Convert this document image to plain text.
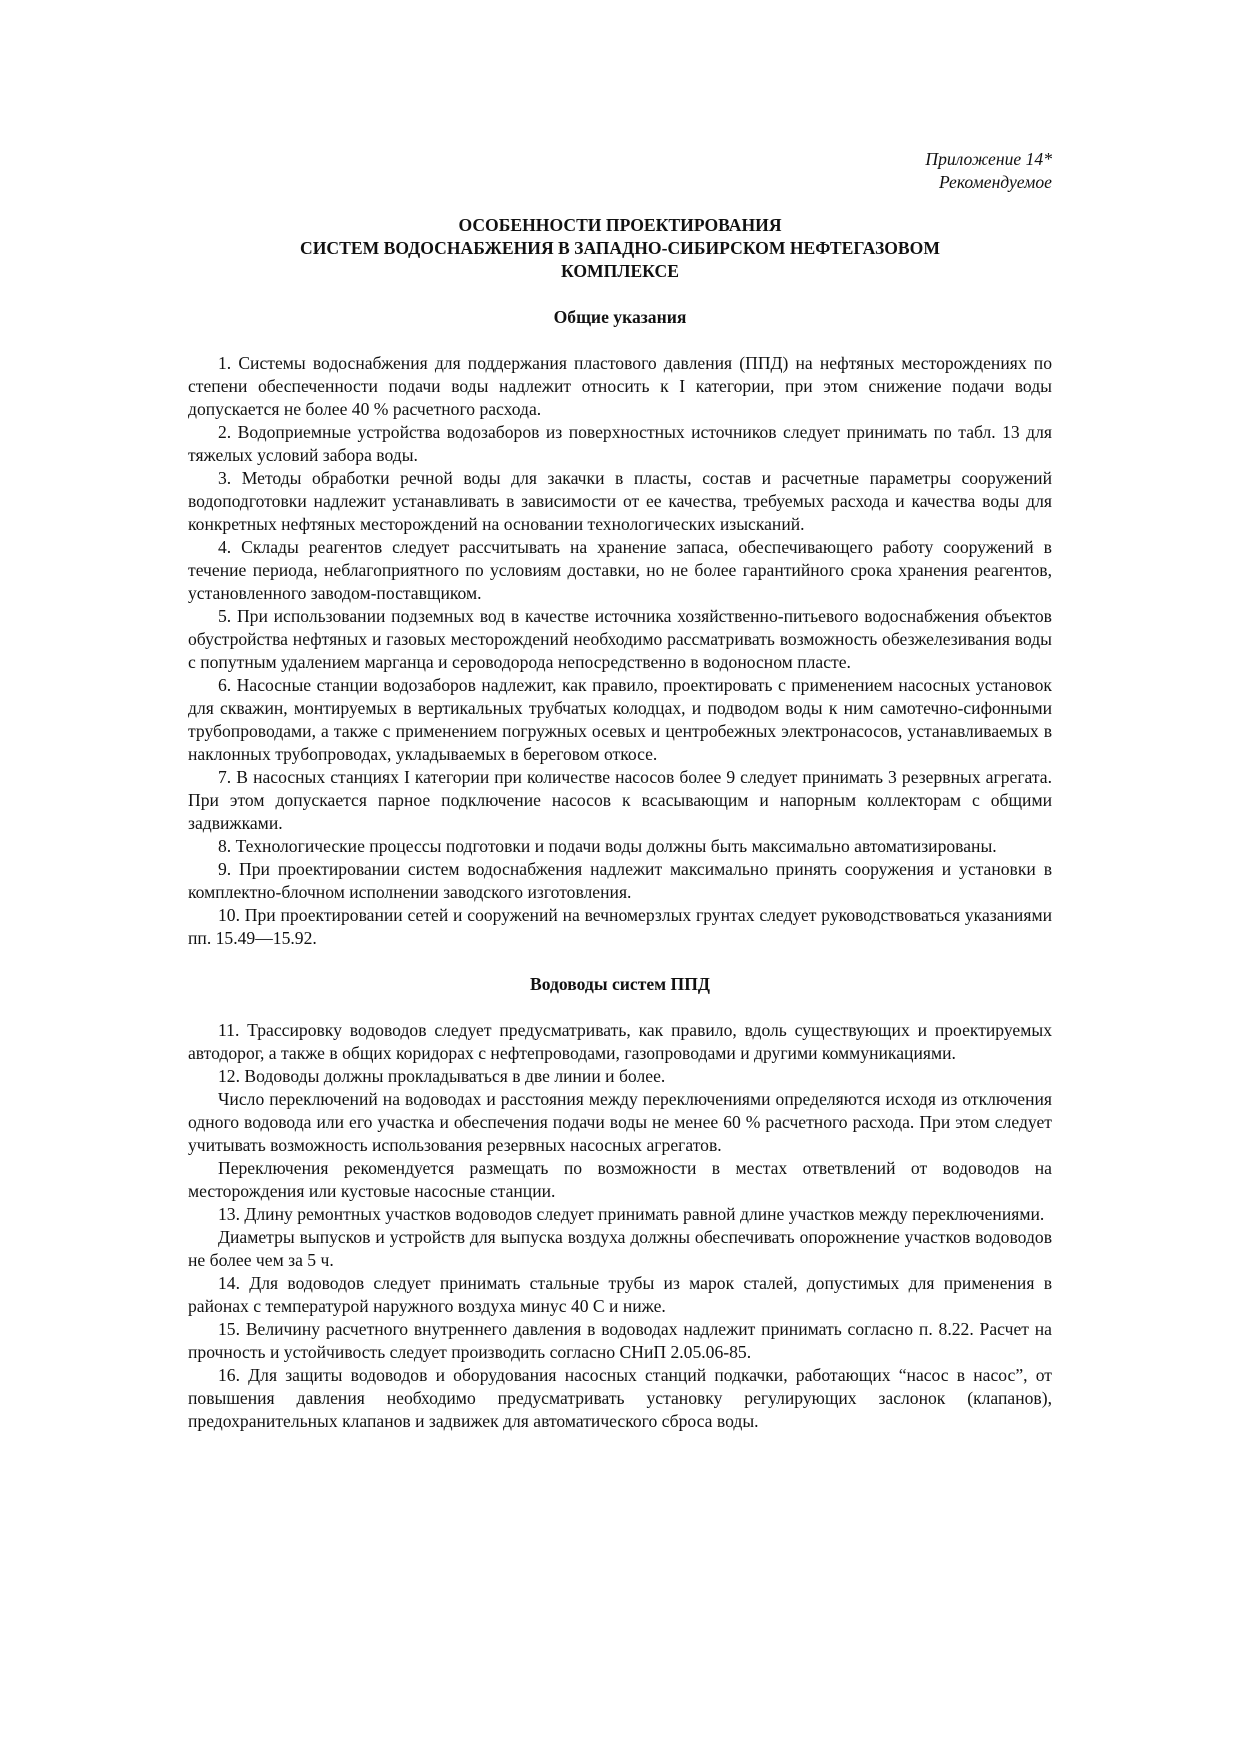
Приложение 14*
Рекомендуемое
ОСОБЕННОСТИ ПРОЕКТИРОВАНИЯ
СИСТЕМ ВОДОСНАБЖЕНИЯ В ЗАПАДНО-СИБИРСКОМ НЕФТЕГАЗОВОМ
КОМПЛЕКСЕ
Общие указания

1. Системы водоснабжения для поддержания пластового давления (ППД) на нефтяных месторождениях по степени обеспеченности подачи воды надлежит относить к I категории, при этом снижение подачи воды допускается не более 40 % расчетного расхода.

2. Водоприемные устройства водозаборов из поверхностных источников следует принимать по табл. 13 для тяжелых условий забора воды.

3. Методы обработки речной воды для закачки в пласты, состав и расчетные параметры сооружений водоподготовки надлежит устанавливать в зависимости от ее качества, требуемых расхода и качества воды для конкретных нефтяных месторождений на основании технологических изысканий.

4. Склады реагентов следует рассчитывать на хранение запаса, обеспечивающего работу сооружений в течение периода, неблагоприятного по условиям доставки, но не более гарантийного срока хранения реагентов, установленного заводом-поставщиком.

5. При использовании подземных вод в качестве источника хозяйственно-питьевого водоснабжения объектов обустройства нефтяных и газовых месторождений необходимо рассматривать возможность обезжелезивания воды с попутным удалением марганца и сероводорода непосредственно в водоносном пласте.

6. Насосные станции водозаборов надлежит, как правило, проектировать с применением насосных установок для скважин, монтируемых в вертикальных трубчатых колодцах, и подводом воды к ним самотечно-сифонными трубопроводами, а также с применением погружных осевых и центробежных электронасосов, устанавливаемых в наклонных трубопроводах, укладываемых в береговом откосе.

7. В насосных станциях I категории при количестве насосов более 9 следует принимать 3 резервных агрегата. При этом допускается парное подключение насосов к всасывающим и напорным коллекторам с общими задвижками.

8. Технологические процессы подготовки и подачи воды должны быть максимально автоматизированы.

9. При проектировании систем водоснабжения надлежит максимально принять сооружения и установки в комплектно-блочном исполнении заводского изготовления.

10. При проектировании сетей и сооружений на вечномерзлых грунтах следует руководствоваться указаниями пп. 15.49—15.92.

Водоводы систем ППД

11. Трассировку водоводов следует предусматривать, как правило, вдоль существующих и проектируемых автодорог, а также в общих коридорах с нефтепроводами, газопроводами и другими коммуникациями.

12. Водоводы должны прокладываться в две линии и более.

Число переключений на водоводах и расстояния между переключениями определяются исходя из отключения одного водовода или его участка и обеспечения подачи воды не менее 60 % расчетного расхода. При этом следует учитывать возможность использования резервных насосных агрегатов.

Переключения рекомендуется размещать по возможности в местах ответвлений от водоводов на месторождения или кустовые насосные станции.

13. Длину ремонтных участков водоводов следует принимать равной длине участков между переключениями.

Диаметры выпусков и устройств для выпуска воздуха должны обеспечивать опорожнение участков водоводов не более чем за 5 ч.

14. Для водоводов следует принимать стальные трубы из марок сталей, допустимых для применения в районах с температурой наружного воздуха минус 40 С и ниже.

15. Величину расчетного внутреннего давления в водоводах надлежит принимать согласно п. 8.22. Расчет на прочность и устойчивость следует производить согласно СНиП 2.05.06-85.

16. Для защиты водоводов и оборудования насосных станций подкачки, работающих “насос в насос”, от повышения давления необходимо предусматривать установку регулирующих заслонок (клапанов), предохранительных клапанов и задвижек для автоматического сброса воды.
